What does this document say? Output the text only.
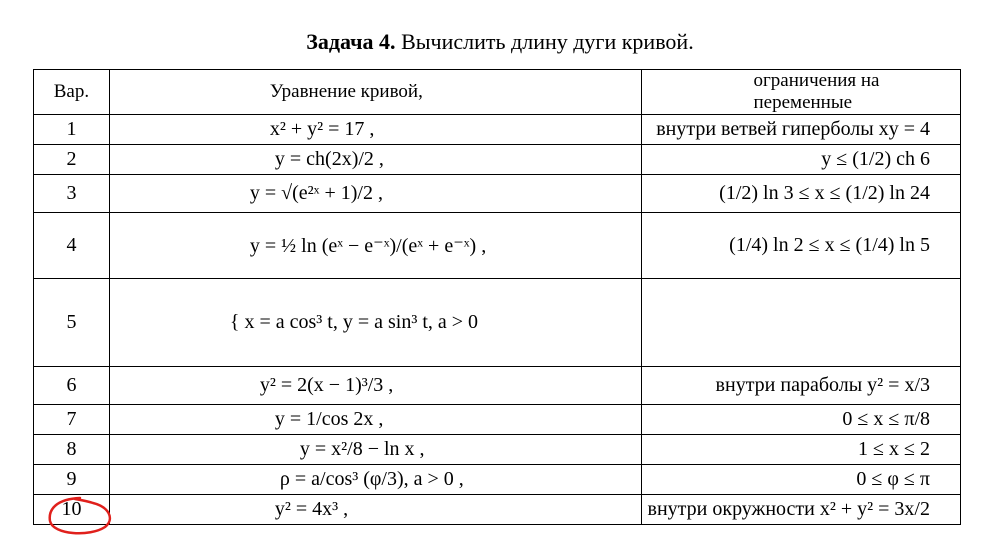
Задача 4. Вычислить длину дуги кривой.
Вар.	Уравнение кривой,	ограничения на переменные
1	x² + y² = 17 ,	внутри ветвей гиперболы xy = 4
2	y = ch(2x)/2 ,	y ≤ (1/2) ch 6
3	y = √(e²ˣ + 1)/2 ,	(1/2) ln 3 ≤ x ≤ (1/2) ln 24
4	y = ½ ln (eˣ − e⁻ˣ)/(eˣ + e⁻ˣ) ,	(1/4) ln 2 ≤ x ≤ (1/4) ln 5
5	{ x = a cos³ t, y = a sin³ t, a > 0	
6	y² = 2(x − 1)³/3 ,	внутри параболы y² = x/3
7	y = 1/cos 2x ,	0 ≤ x ≤ π/8
8	y = x²/8 − ln x ,	1 ≤ x ≤ 2
9	ρ = a/cos³ (φ/3), a > 0 ,	0 ≤ φ ≤ π
10	y² = 4x³ ,	внутри окружности x² + y² = 3x/2
